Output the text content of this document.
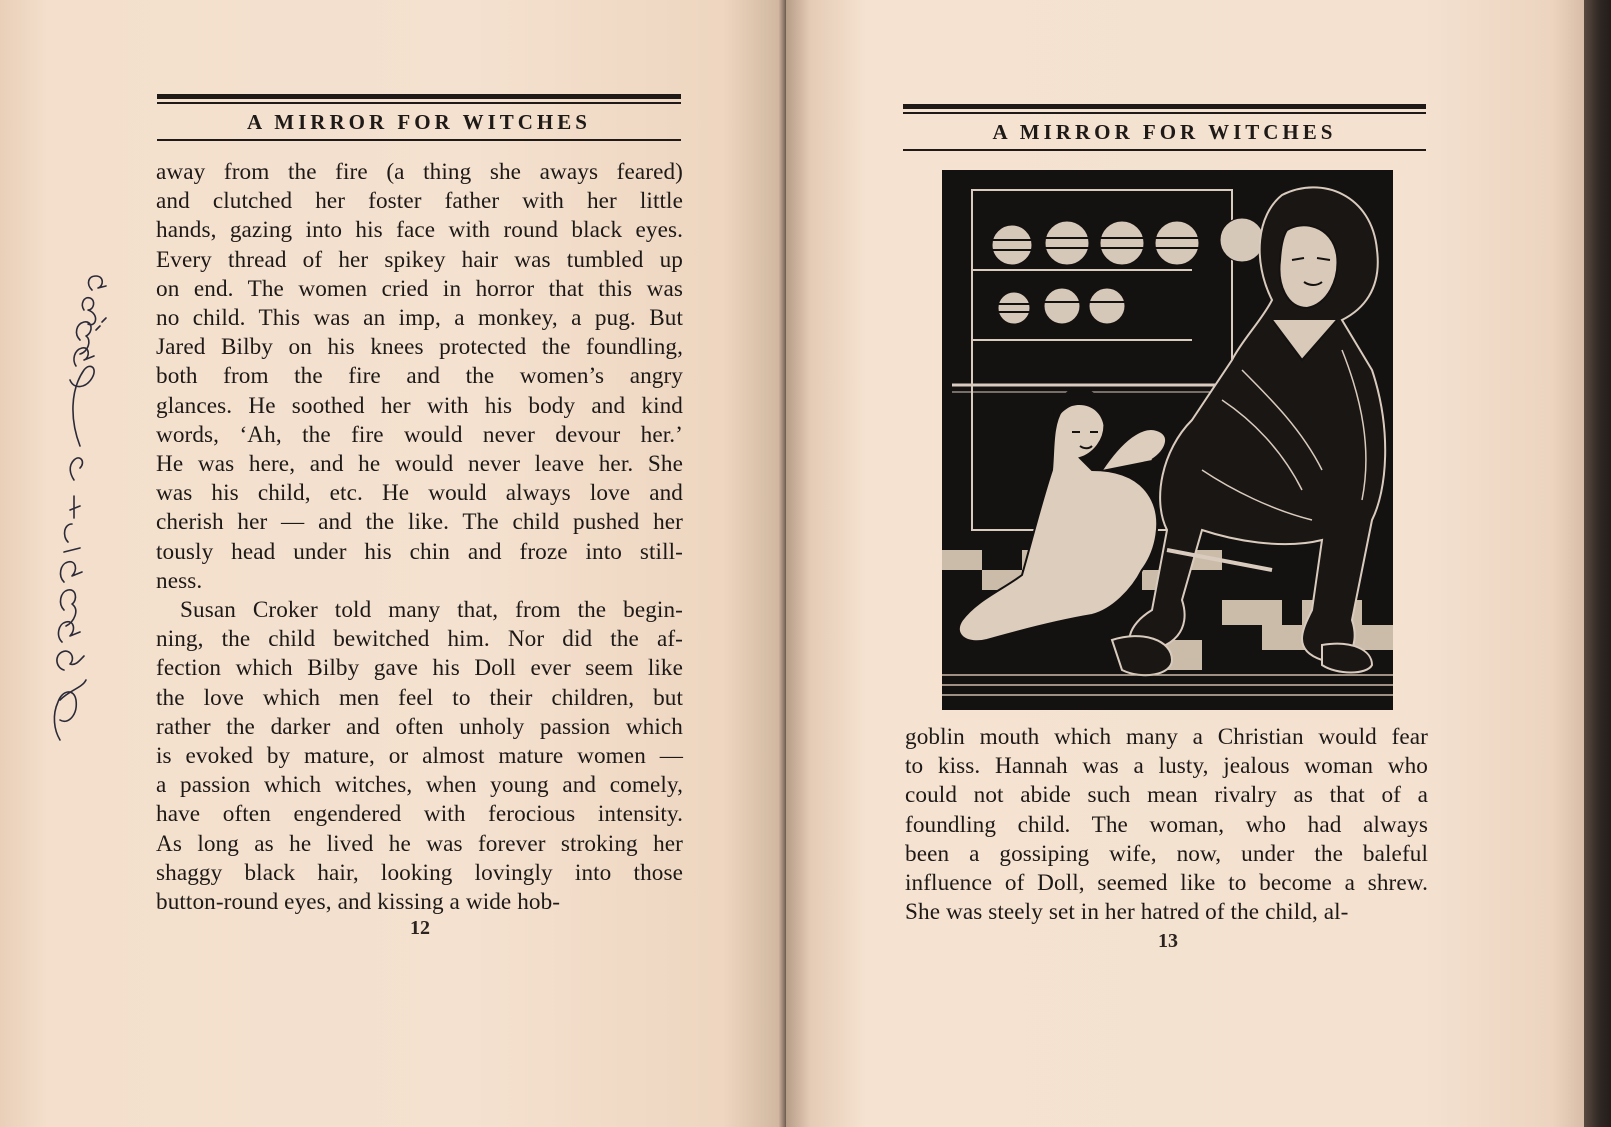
A MIRROR FOR WITCHES
away from the fire (a thing she aways feared)
and clutched her foster father with her little
hands, gazing into his face with round black eyes.
Every thread of her spikey hair was tumbled up
on end. The women cried in horror that this was
no child. This was an imp, a monkey, a pug. But
Jared Bilby on his knees protected the foundling,
both from the fire and the women’s angry
glances. He soothed her with his body and kind
words, ‘Ah, the fire would never devour her.’
He was here, and he would never leave her. She
was his child, etc. He would always love and
cherish her — and the like. The child pushed her
tously head under his chin and froze into still-
ness.
Susan Croker told many that, from the begin-
ning, the child bewitched him. Nor did the af-
fection which Bilby gave his Doll ever seem like
the love which men feel to their children, but
rather the darker and often unholy passion which
is evoked by mature, or almost mature women —
a passion which witches, when young and comely,
have often engendered with ferocious intensity.
As long as he lived he was forever stroking her
shaggy black hair, looking lovingly into those
button-round eyes, and kissing a wide hob-
12
A MIRROR FOR WITCHES
goblin mouth which many a Christian would fear
to kiss. Hannah was a lusty, jealous woman who
could not abide such mean rivalry as that of a
foundling child. The woman, who had always
been a gossiping wife, now, under the baleful
influence of Doll, seemed like to become a shrew.
She was steely set in her hatred of the child, al-
13
